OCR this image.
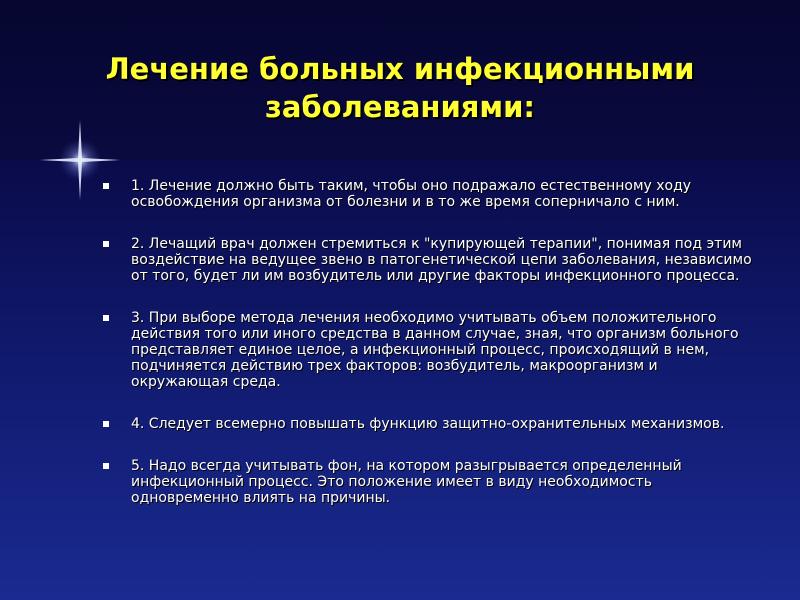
Лечение больных инфекционными заболеваниями:
1. Лечение должно быть таким, чтобы оно подражало естественному ходу освобождения организма от болезни и в то же время соперничало с ним.
2. Лечащий врач должен стремиться к "купирующей терапии", понимая под этим воздействие на ведущее звено в патогенетической цепи заболевания, независимо от того, будет ли им возбудитель или другие факторы инфекционного процесса.
3. При выборе метода лечения необходимо учитывать объем положительного действия того или иного средства в данном случае, зная, что организм больного представляет единое целое, а инфекционный процесс, происходящий в нем, подчиняется действию трех факторов: возбудитель, макроорганизм и окружающая среда.
4. Следует всемерно повышать функцию защитно-охранительных механизмов.
5. Надо всегда учитывать фон, на котором разыгрывается определенный инфекционный процесс. Это положение имеет в виду необходимость одновременно влиять на причины.
